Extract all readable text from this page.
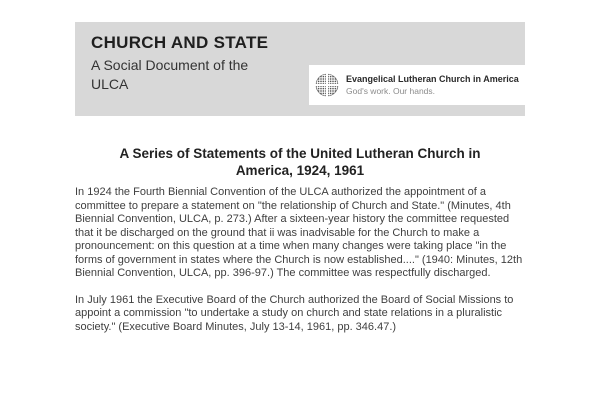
CHURCH AND STATE
A Social Document of the
ULCA	Evangelical Lutheran Church in America
God's work. Our hands.
A Series of Statements of the United Lutheran Church in
America, 1924, 1961

In 1924 the Fourth Biennial Convention of the ULCA authorized the appointment of a committee to prepare a statement on "the relationship of Church and State." (Minutes, 4th Biennial Convention, ULCA, p. 273.) After a sixteen-year history the committee requested that it be discharged on the ground that ii was inadvisable for the Church to make a pronouncement: on this question at a time when many changes were taking place "in the forms of government in states where the Church is now established...." (1940: Minutes, 12th Biennial Convention, ULCA, pp. 396-97.) The committee was respectfully discharged.

In July 1961 the Executive Board of the Church authorized the Board of Social Missions to appoint a commission "to undertake a study on church and state relations in a pluralistic society." (Executive Board Minutes, July 13-14, 1961, pp. 346.47.)
